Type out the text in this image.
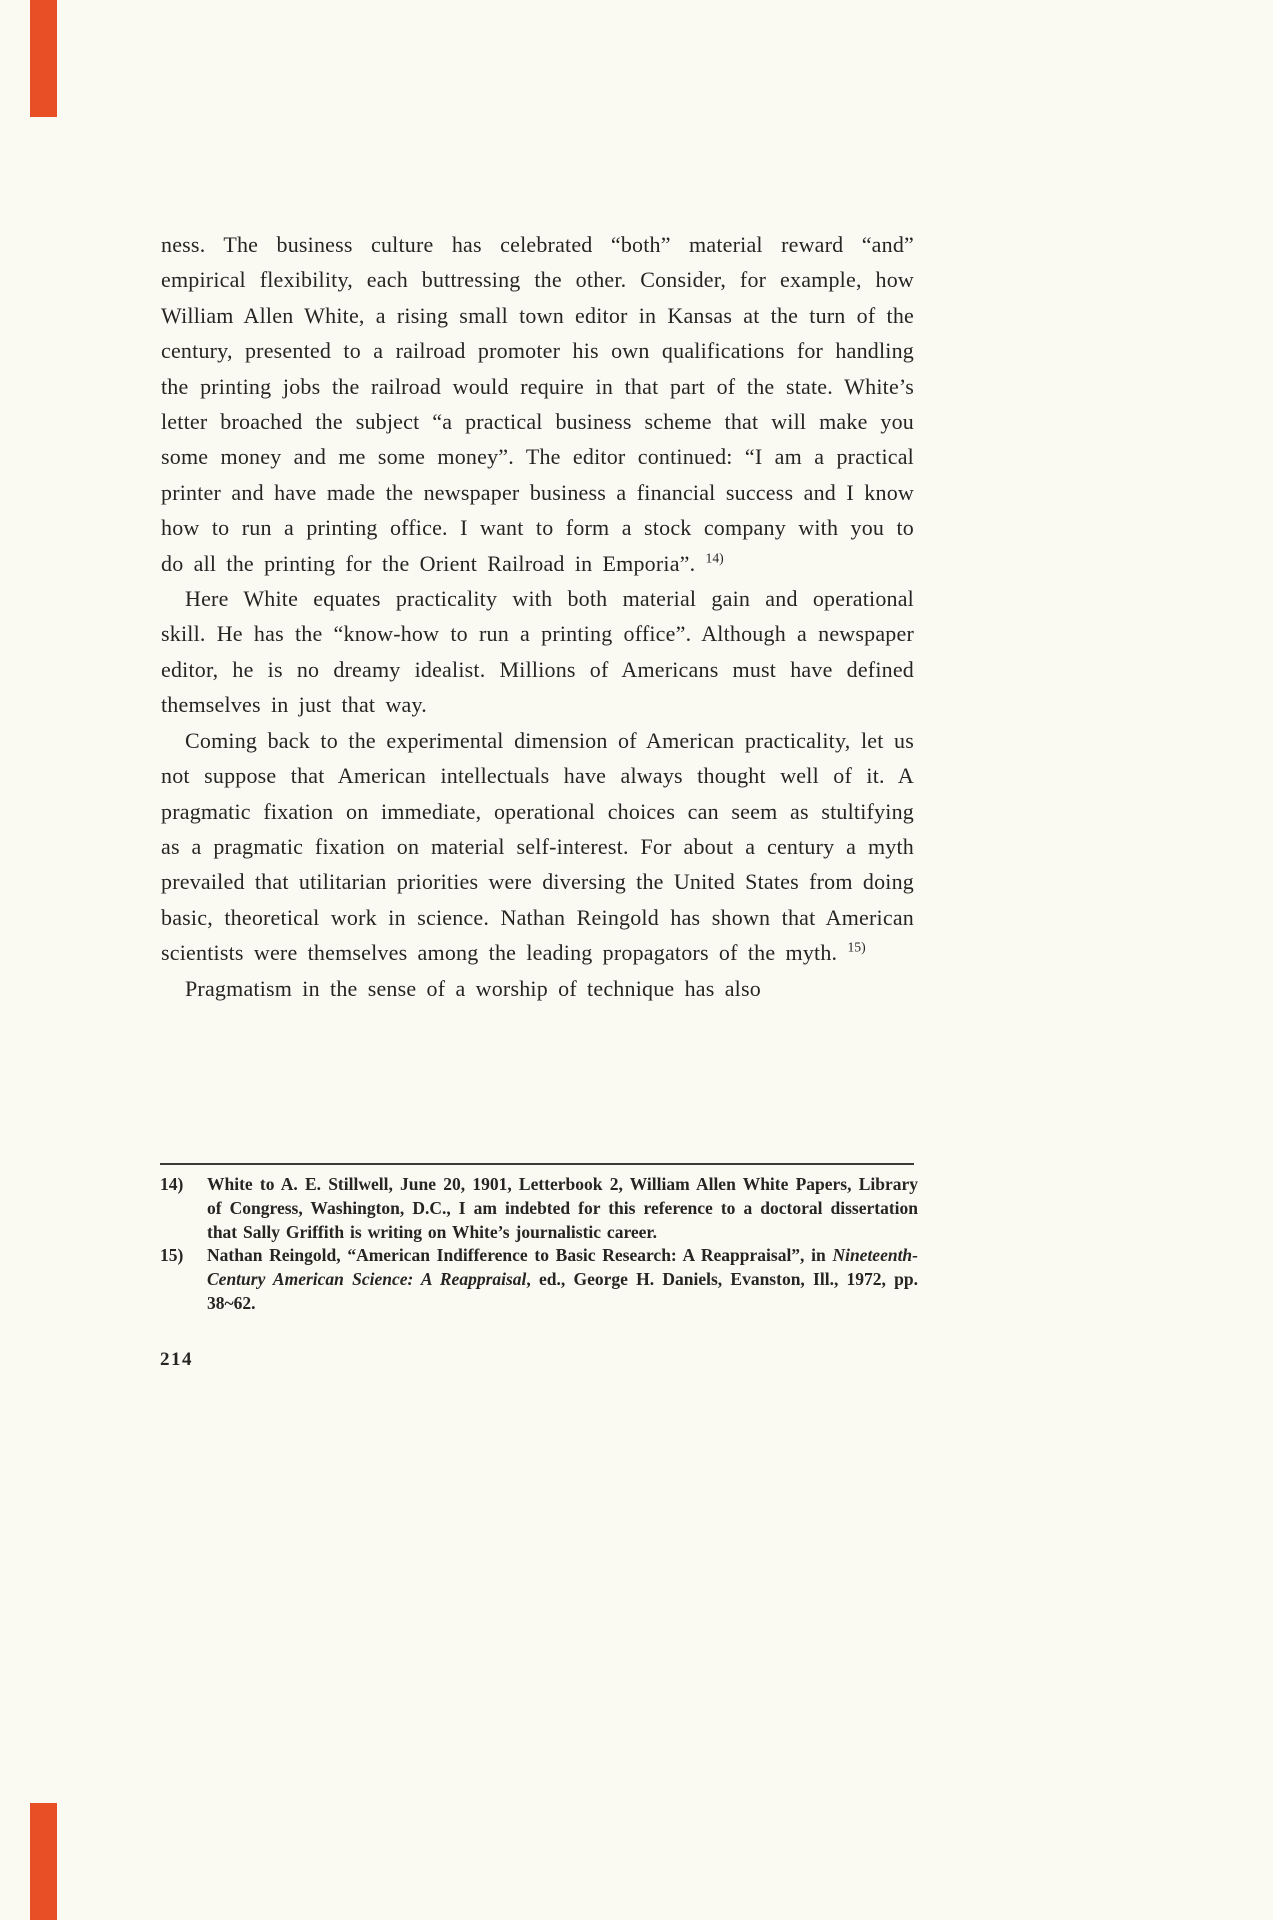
ness. The business culture has celebrated “both” material reward “and” empirical flexibility, each buttressing the other. Consider, for example, how William Allen White, a rising small town editor in Kansas at the turn of the century, presented to a railroad promoter his own qualifications for handling the printing jobs the railroad would require in that part of the state. White’s letter broached the subject “a practical business scheme that will make you some money and me some money”. The editor continued: “I am a practical printer and have made the newspaper business a financial success and I know how to run a printing office. I want to form a stock company with you to do all the printing for the Orient Railroad in Emporia”. $^{14)}$

Here White equates practicality with both material gain and operational skill. He has the “know-how to run a printing office”. Although a newspaper editor, he is no dreamy idealist. Millions of Americans must have defined themselves in just that way.

Coming back to the experimental dimension of American practicality, let us not suppose that American intellectuals have always thought well of it. A pragmatic fixation on immediate, operational choices can seem as stultifying as a pragmatic fixation on material self-interest. For about a century a myth prevailed that utilitarian priorities were diversing the United States from doing basic, theoretical work in science. Nathan Reingold has shown that American scientists were themselves among the leading propagators of the myth. $^{15)}$

Pragmatism in the sense of a worship of technique has also

14) White to A. E. Stillwell, June 20, 1901, Letterbook 2, William Allen White Papers, Library of Congress, Washington, D.C., I am indebted for this reference to a doctoral dissertation that Sally Griffith is writing on White’s journalistic career.
15) Nathan Reingold, “American Indifference to Basic Research: A Reappraisal”, in Nineteenth-Century American Science: A Reappraisal, ed., George H. Daniels, Evanston, Ill., 1972, pp. 38~62.
214
